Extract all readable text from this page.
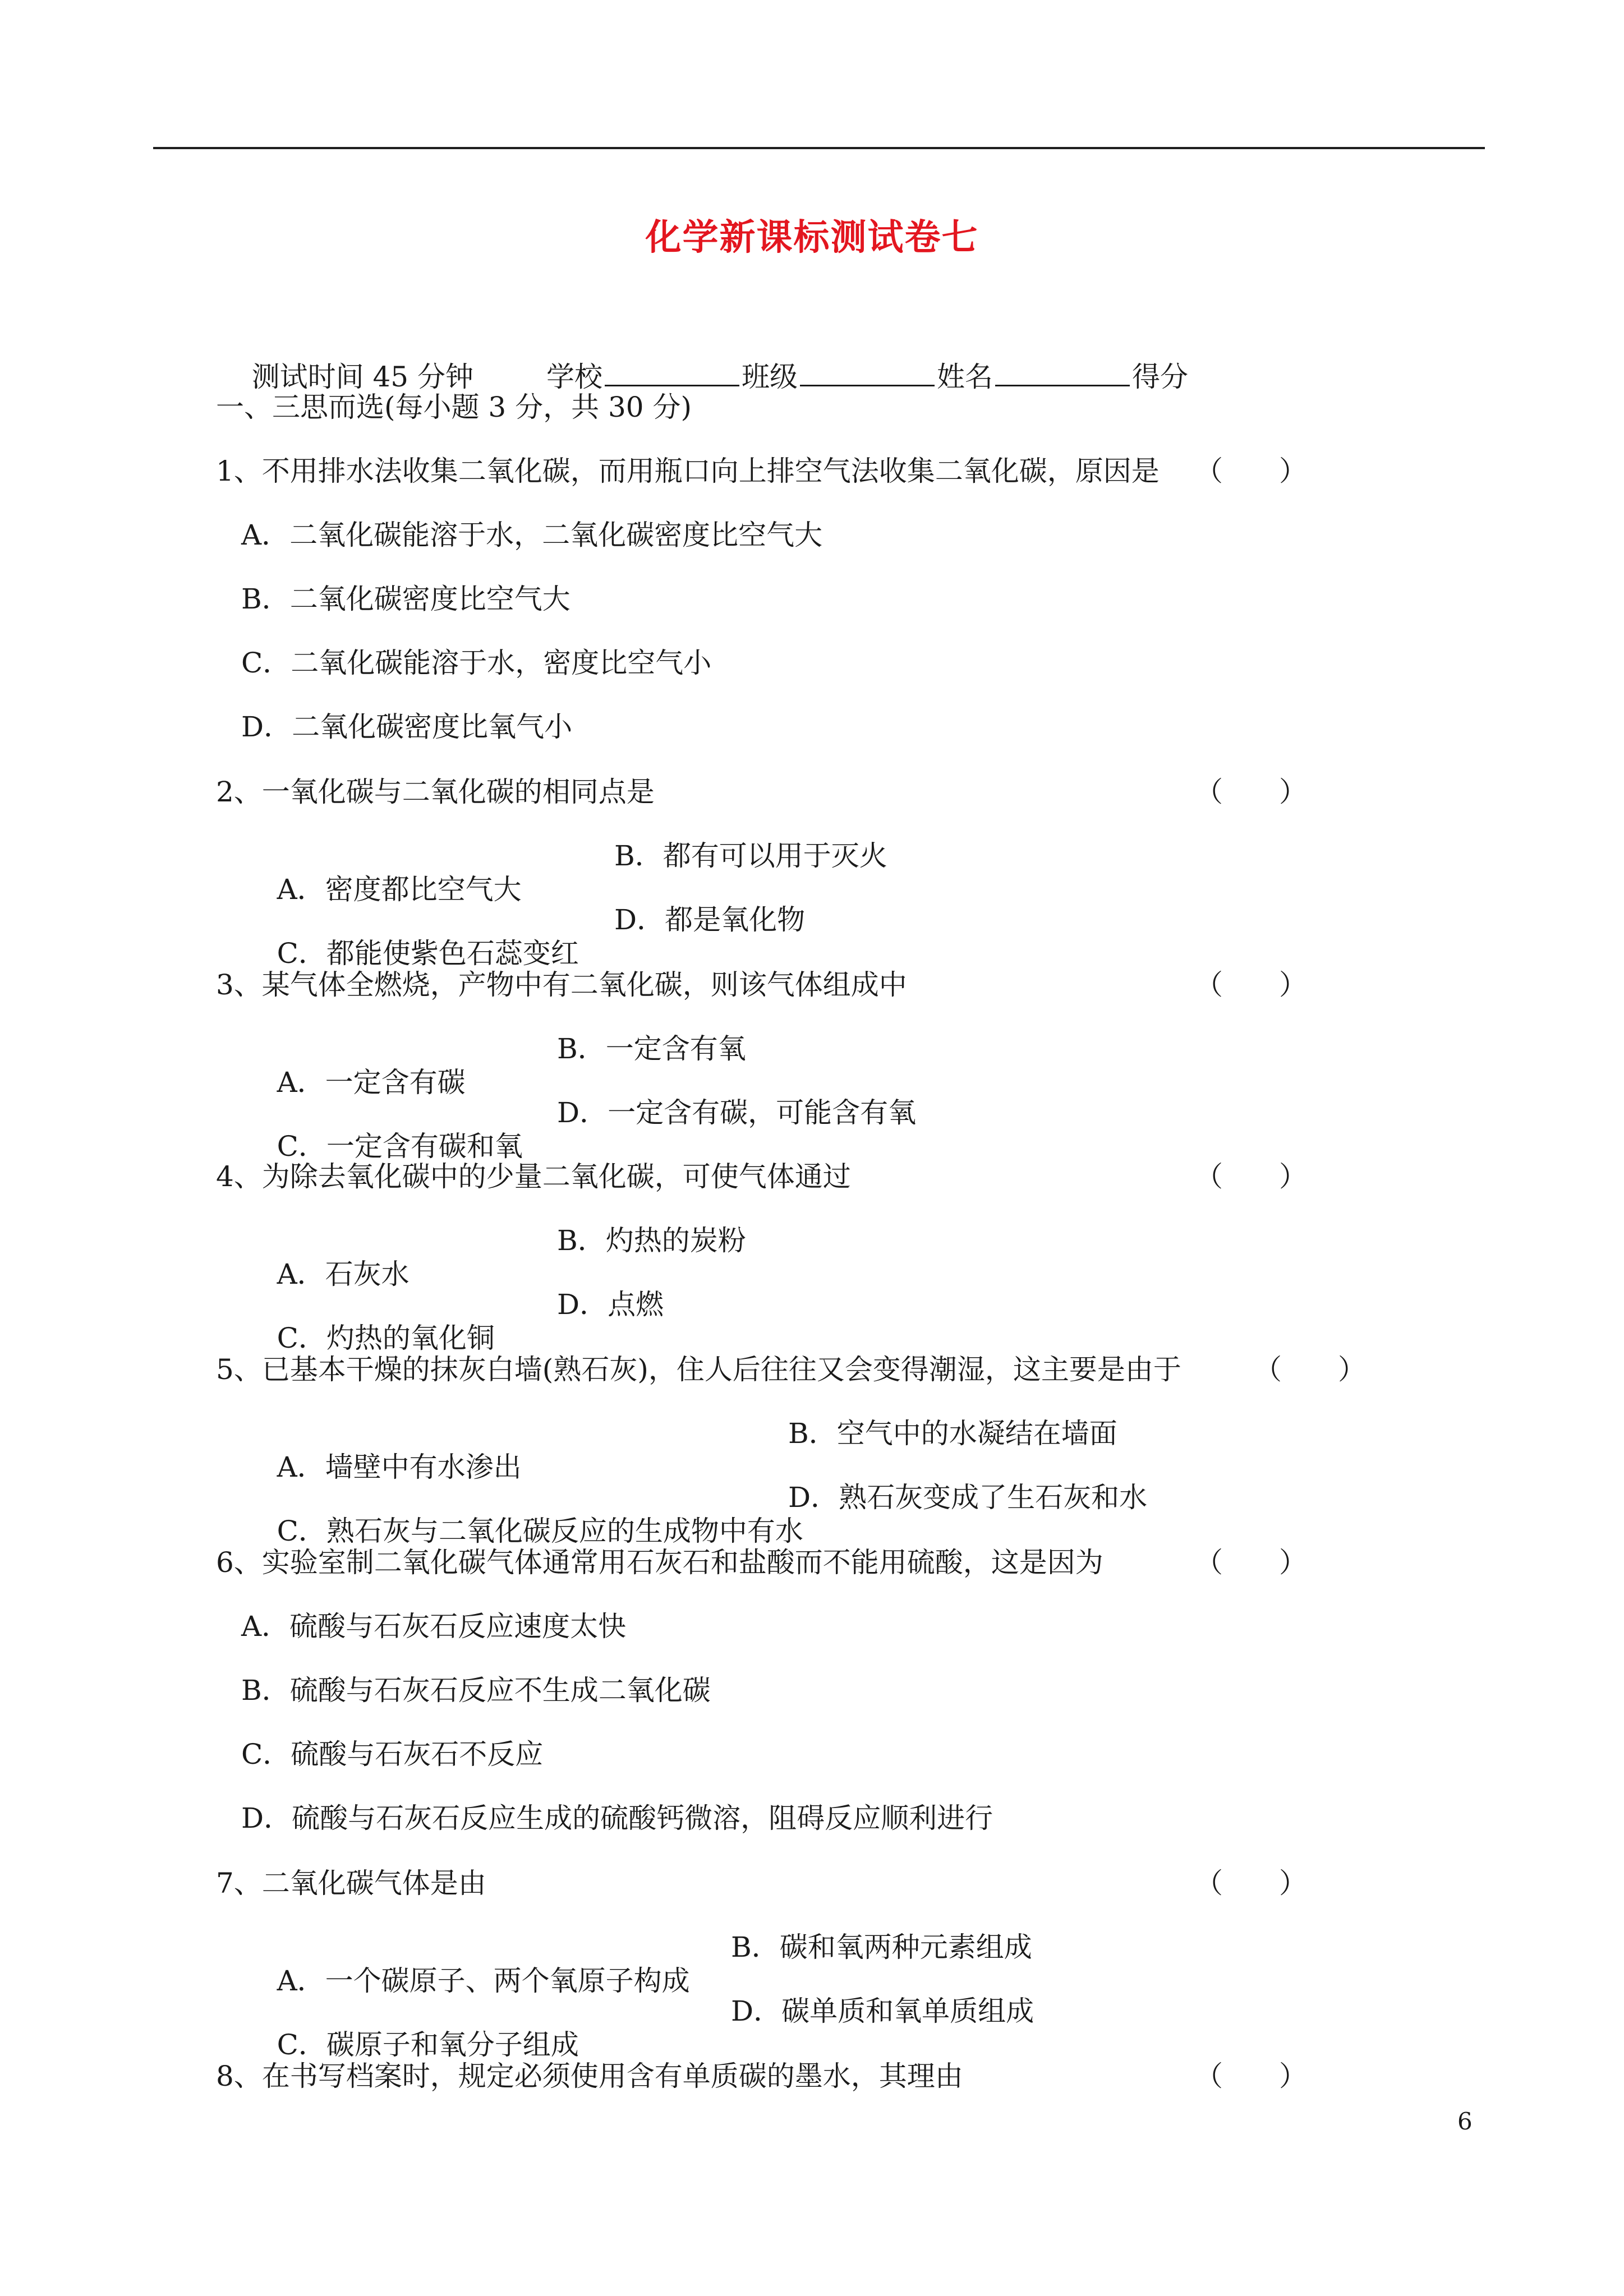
化学新课标测试卷七

测试时间 45 分钟	学校	班级	姓名	得分

一、三思而选(每小题 3 分，共 30 分)
1、不用排水法收集二氧化碳，而用瓶口向上排空气法收集二氧化碳，原因是 （　　）
A．二氧化碳能溶于水，二氧化碳密度比空气大
B．二氧化碳密度比空气大
C．二氧化碳能溶于水，密度比空气小
D．二氧化碳密度比氧气小
2、一氧化碳与二氧化碳的相同点是	（　　）

A．密度都比空气大

B．都有可以用于灭火

C．都能使紫色石蕊变红

D．都是氧化物

3、某气体全燃烧，产物中有二氧化碳，则该气体组成中	（　　）

A．一定含有碳

B．一定含有氧

C．一定含有碳和氧

D．一定含有碳，可能含有氧

4、为除去氧化碳中的少量二氧化碳，可使气体通过	（　　）

A．石灰水

B．灼热的炭粉

C．灼热的氧化铜

D．点燃

5、已基本干燥的抹灰白墙(熟石灰)，住人后往往又会变得潮湿，这主要是由于	（　　）

A．墙壁中有水渗出

B．空气中的水凝结在墙面

C．熟石灰与二氧化碳反应的生成物中有水

D．熟石灰变成了生石灰和水

6、实验室制二氧化碳气体通常用石灰石和盐酸而不能用硫酸，这是因为	（　　）
A．硫酸与石灰石反应速度太快
B．硫酸与石灰石反应不生成二氧化碳
C．硫酸与石灰石不反应
D．硫酸与石灰石反应生成的硫酸钙微溶，阻碍反应顺利进行
7、二氧化碳气体是由	（　　）

A．一个碳原子、两个氧原子构成

B．碳和氧两种元素组成

C．碳原子和氧分子组成

D．碳单质和氧单质组成

8、在书写档案时，规定必须使用含有单质碳的墨水，其理由	（　　）
6
